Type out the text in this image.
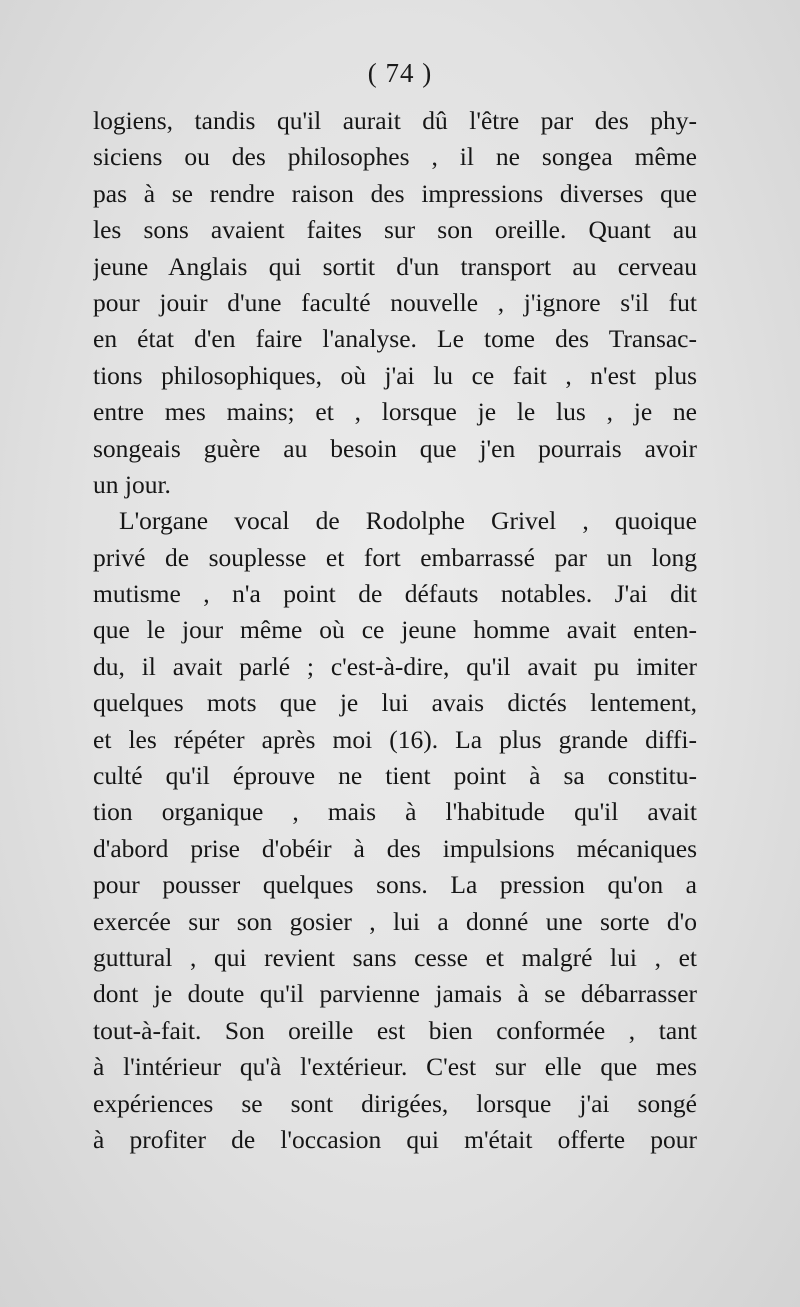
( 74 )
logiens, tandis qu'il aurait dû l'être par des phy-
siciens ou des philosophes , il ne songea même
pas à se rendre raison des impressions diverses que
les sons avaient faites sur son oreille. Quant au
jeune Anglais qui sortit d'un transport au cerveau
pour jouir d'une faculté nouvelle , j'ignore s'il fut
en état d'en faire l'analyse. Le tome des Transac-
tions philosophiques, où j'ai lu ce fait , n'est plus
entre mes mains; et , lorsque je le lus , je ne
songeais guère au besoin que j'en pourrais avoir
un jour.
L'organe vocal de Rodolphe Grivel , quoique
privé de souplesse et fort embarrassé par un long
mutisme , n'a point de défauts notables. J'ai dit
que le jour même où ce jeune homme avait enten-
du, il avait parlé ; c'est-à-dire, qu'il avait pu imiter
quelques mots que je lui avais dictés lentement,
et les répéter après moi (16). La plus grande diffi-
culté qu'il éprouve ne tient point à sa constitu-
tion organique , mais à l'habitude qu'il avait
d'abord prise d'obéir à des impulsions mécaniques
pour pousser quelques sons. La pression qu'on a
exercée sur son gosier , lui a donné une sorte d'o
guttural , qui revient sans cesse et malgré lui , et
dont je doute qu'il parvienne jamais à se débarrasser
tout-à-fait. Son oreille est bien conformée , tant
à l'intérieur qu'à l'extérieur. C'est sur elle que mes
expériences se sont dirigées, lorsque j'ai songé
à profiter de l'occasion qui m'était offerte pour
